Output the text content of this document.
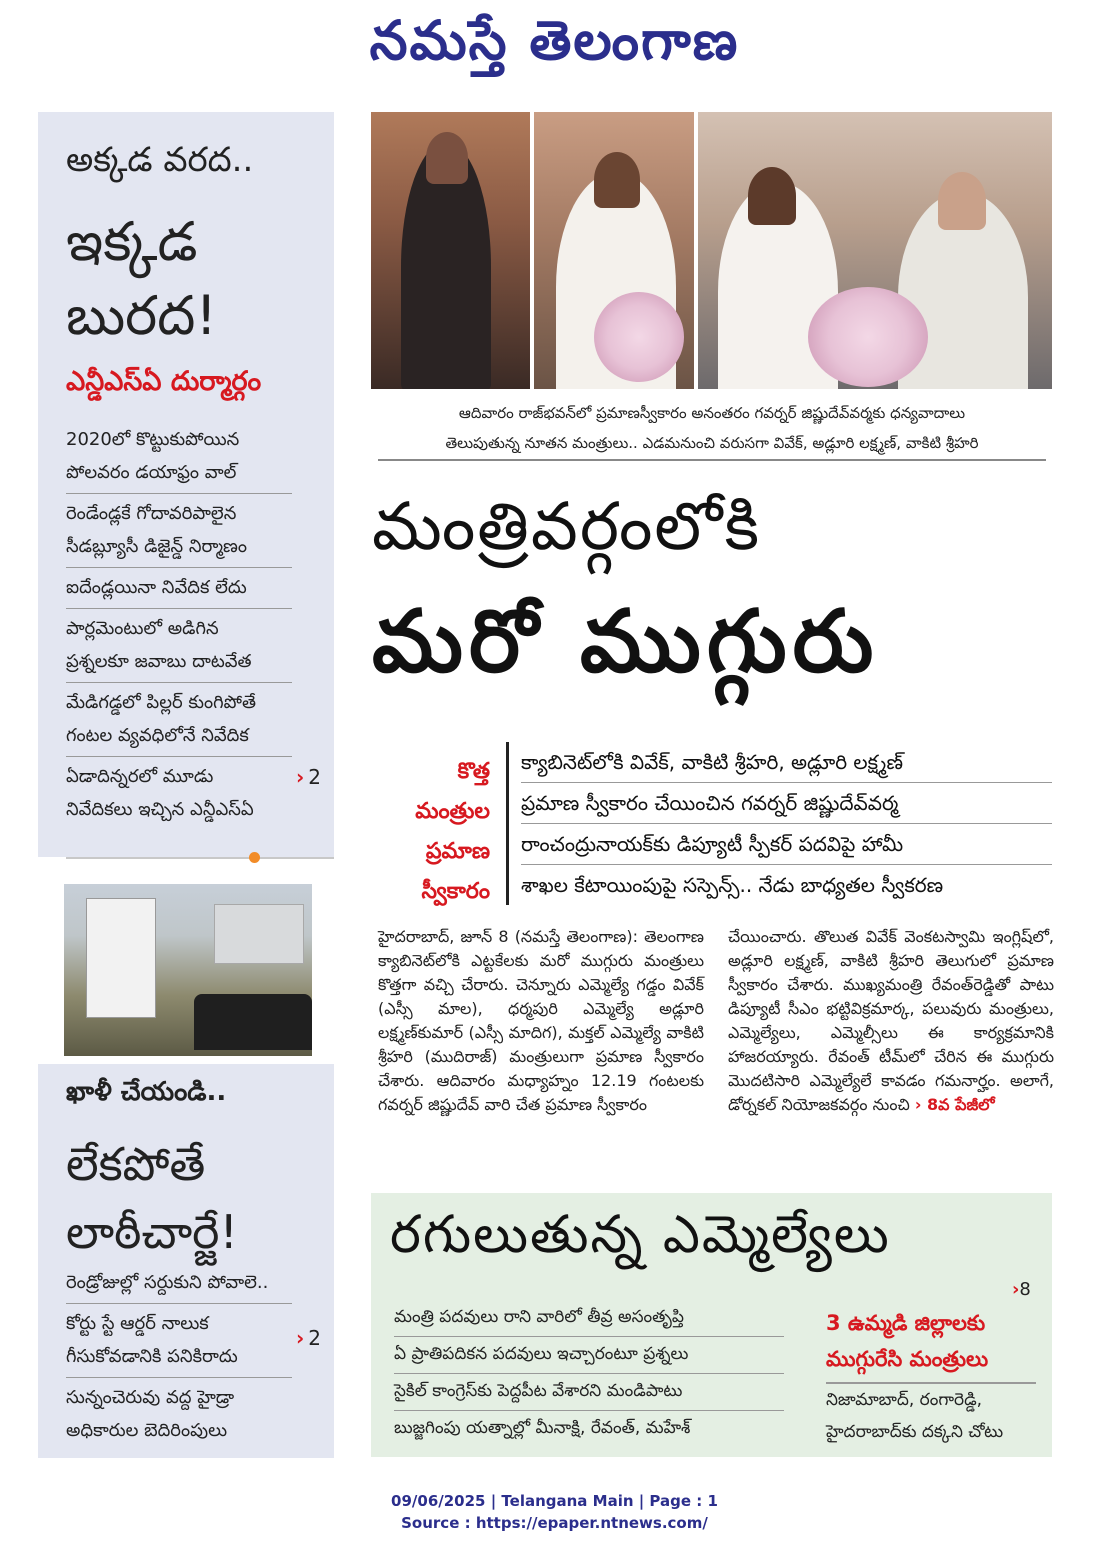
నమస్తే తెలంగాణ
అక్కడ వరద..
ఇక్కడ
బురద!
ఎన్డీఎస్‌ఏ దుర్మార్గం
2020లో కొట్టుకుపోయిన
పోలవరం డయాఫ్రం వాల్
రెండేండ్లకే గోదావరిపాలైన
సీడబ్ల్యూసీ డిజైన్డ్ నిర్మాణం
ఐదేండ్లయినా నివేదిక లేదు
పార్లమెంటులో అడిగిన
ప్రశ్నలకూ జవాబు దాటవేత
మేడిగడ్డలో పిల్లర్ కుంగిపోతే
గంటల వ్యవధిలోనే నివేదిక
ఏడాదిన్నరలో మూడు
నివేదికలు ఇచ్చిన ఎన్డీఎస్‌ఏ
› 2
ఖాళీ చేయండి..
లేకపోతే
లాఠీచార్జే!
రెండ్రోజుల్లో సర్దుకుని పోవాలె..
కోర్టు స్టే ఆర్డర్ నాలుక
గీసుకోవడానికి పనికిరాదు
సున్నంచెరువు వద్ద హైడ్రా
అధికారుల బెదిరింపులు
› 2
ఆదివారం రాజ్‌భవన్‌లో ప్రమాణస్వీకారం అనంతరం గవర్నర్ జిష్ణుదేవ్‌వర్మకు ధన్యవాదాలు
తెలుపుతున్న నూతన మంత్రులు.. ఎడమనుంచి వరుసగా వివేక్, అడ్లూరి లక్ష్మణ్, వాకిటి శ్రీహరి
మంత్రివర్గంలోకి
మరో ముగ్గురు
కొత్త
మంత్రుల
ప్రమాణ
స్వీకారం
క్యాబినెట్‌లోకి వివేక్, వాకిటి శ్రీహరి, అడ్లూరి లక్ష్మణ్
ప్రమాణ స్వీకారం చేయించిన గవర్నర్ జిష్ణుదేవ్‌వర్మ
రాంచంద్రునాయక్‌కు డిప్యూటీ స్పీకర్ పదవిపై హామీ
శాఖల కేటాయింపుపై సస్పెన్స్.. నేడు బాధ్యతల స్వీకరణ
హైదరాబాద్, జూన్ 8 (నమస్తే తెలంగాణ): తెలంగాణ క్యాబినెట్‌లోకి ఎట్టకేలకు మరో ముగ్గురు మంత్రులు కొత్తగా వచ్చి చేరారు. చెన్నూరు ఎమ్మెల్యే గడ్డం వివేక్ (ఎస్సీ మాల), ధర్మపురి ఎమ్మెల్యే అడ్లూరి లక్ష్మణ్‌కుమార్ (ఎస్సీ మాదిగ), మక్తల్ ఎమ్మెల్యే వాకిటి శ్రీహరి (ముదిరాజ్) మంత్రులుగా ప్రమాణ స్వీకారం చేశారు. ఆదివారం మధ్యాహ్నం 12.19 గంటలకు గవర్నర్ జిష్ణుదేవ్ వారి చేత ప్రమాణ స్వీకారం
చేయించారు. తొలుత వివేక్ వెంకటస్వామి ఇంగ్లిష్‌లో, అడ్లూరి లక్ష్మణ్, వాకిటి శ్రీహరి తెలుగులో ప్రమాణ స్వీకారం చేశారు. ముఖ్యమంత్రి రేవంత్‌రెడ్డితో పాటు డిప్యూటీ సీఎం భట్టివిక్రమార్క, పలువురు మంత్రులు, ఎమ్మెల్యేలు, ఎమ్మెల్సీలు ఈ కార్యక్రమానికి హాజరయ్యారు. రేవంత్ టీమ్‌లో చేరిన ఈ ముగ్గురు మొదటిసారి ఎమ్మెల్యేలే కావడం గమనార్హం. అలాగే, డోర్నకల్ నియోజకవర్గం నుంచి › 8వ పేజీలో
రగులుతున్న ఎమ్మెల్యేలు
›8
మంత్రి పదవులు రాని వారిలో తీవ్ర అసంతృప్తి
ఏ ప్రాతిపదికన పదవులు ఇచ్చారంటూ ప్రశ్నలు
సైకిల్ కాంగ్రెస్‌కు పెద్దపీట వేశారని మండిపాటు
బుజ్జగింపు యత్నాల్లో మీనాక్షి, రేవంత్, మహేశ్
3 ఉమ్మడి జిల్లాలకు
ముగ్గురేసి మంత్రులు
నిజామాబాద్, రంగారెడ్డి,
హైదరాబాద్‌కు దక్కని చోటు
09/06/2025 | Telangana Main | Page : 1
Source : https://epaper.ntnews.com/
